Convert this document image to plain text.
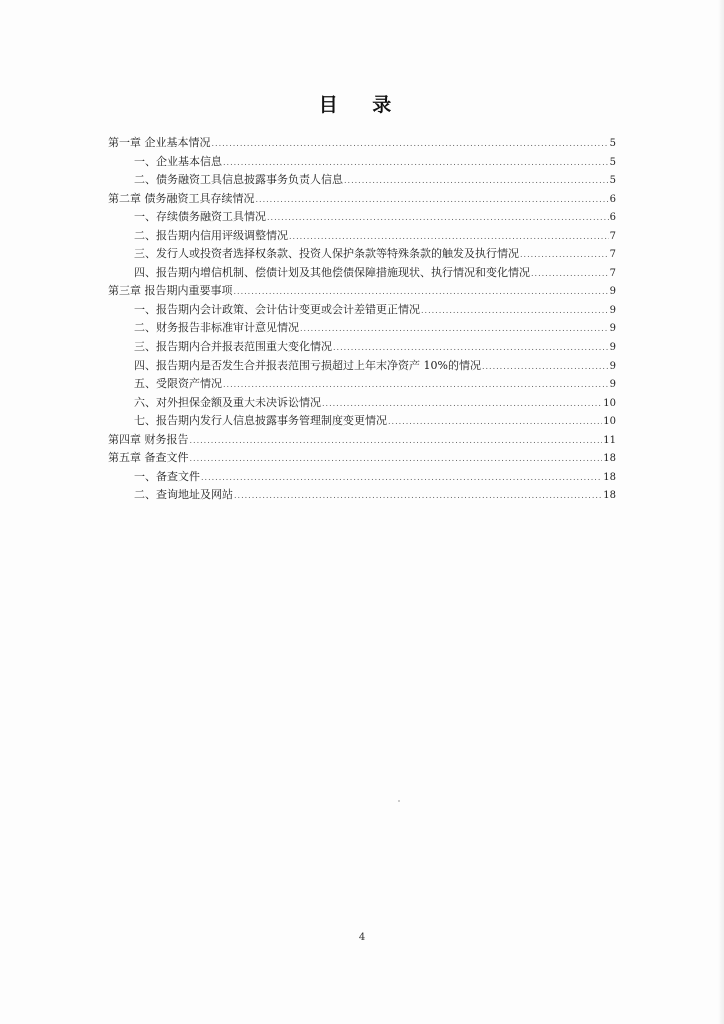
目 录
第一章 企业基本情况 .....	5
一、企业基本信息 .....	5
二、债务融资工具信息披露事务负责人信息 .....	5
第二章 债务融资工具存续情况 .....	6
一、存续债务融资工具情况 .....	6
二、报告期内信用评级调整情况 .....	7
三、发行人或投资者选择权条款、投资人保护条款等特殊条款的触发及执行情况 .....	7
四、报告期内增信机制、偿债计划及其他偿债保障措施现状、执行情况和变化情况 .....	7
第三章 报告期内重要事项 .....	9
一、报告期内会计政策、会计估计变更或会计差错更正情况 .....	9
二、财务报告非标准审计意见情况 .....	9
三、报告期内合并报表范围重大变化情况 .....	9
四、报告期内是否发生合并报表范围亏损超过上年末净资产 10%的情况 .....	9
五、受限资产情况 .....	9
六、对外担保金额及重大未决诉讼情况 .....	10
七、报告期内发行人信息披露事务管理制度变更情况 .....	10
第四章 财务报告 .....	11
第五章 备查文件 .....	18
一、备查文件 .....	18
二、查询地址及网站 .....	18
4
